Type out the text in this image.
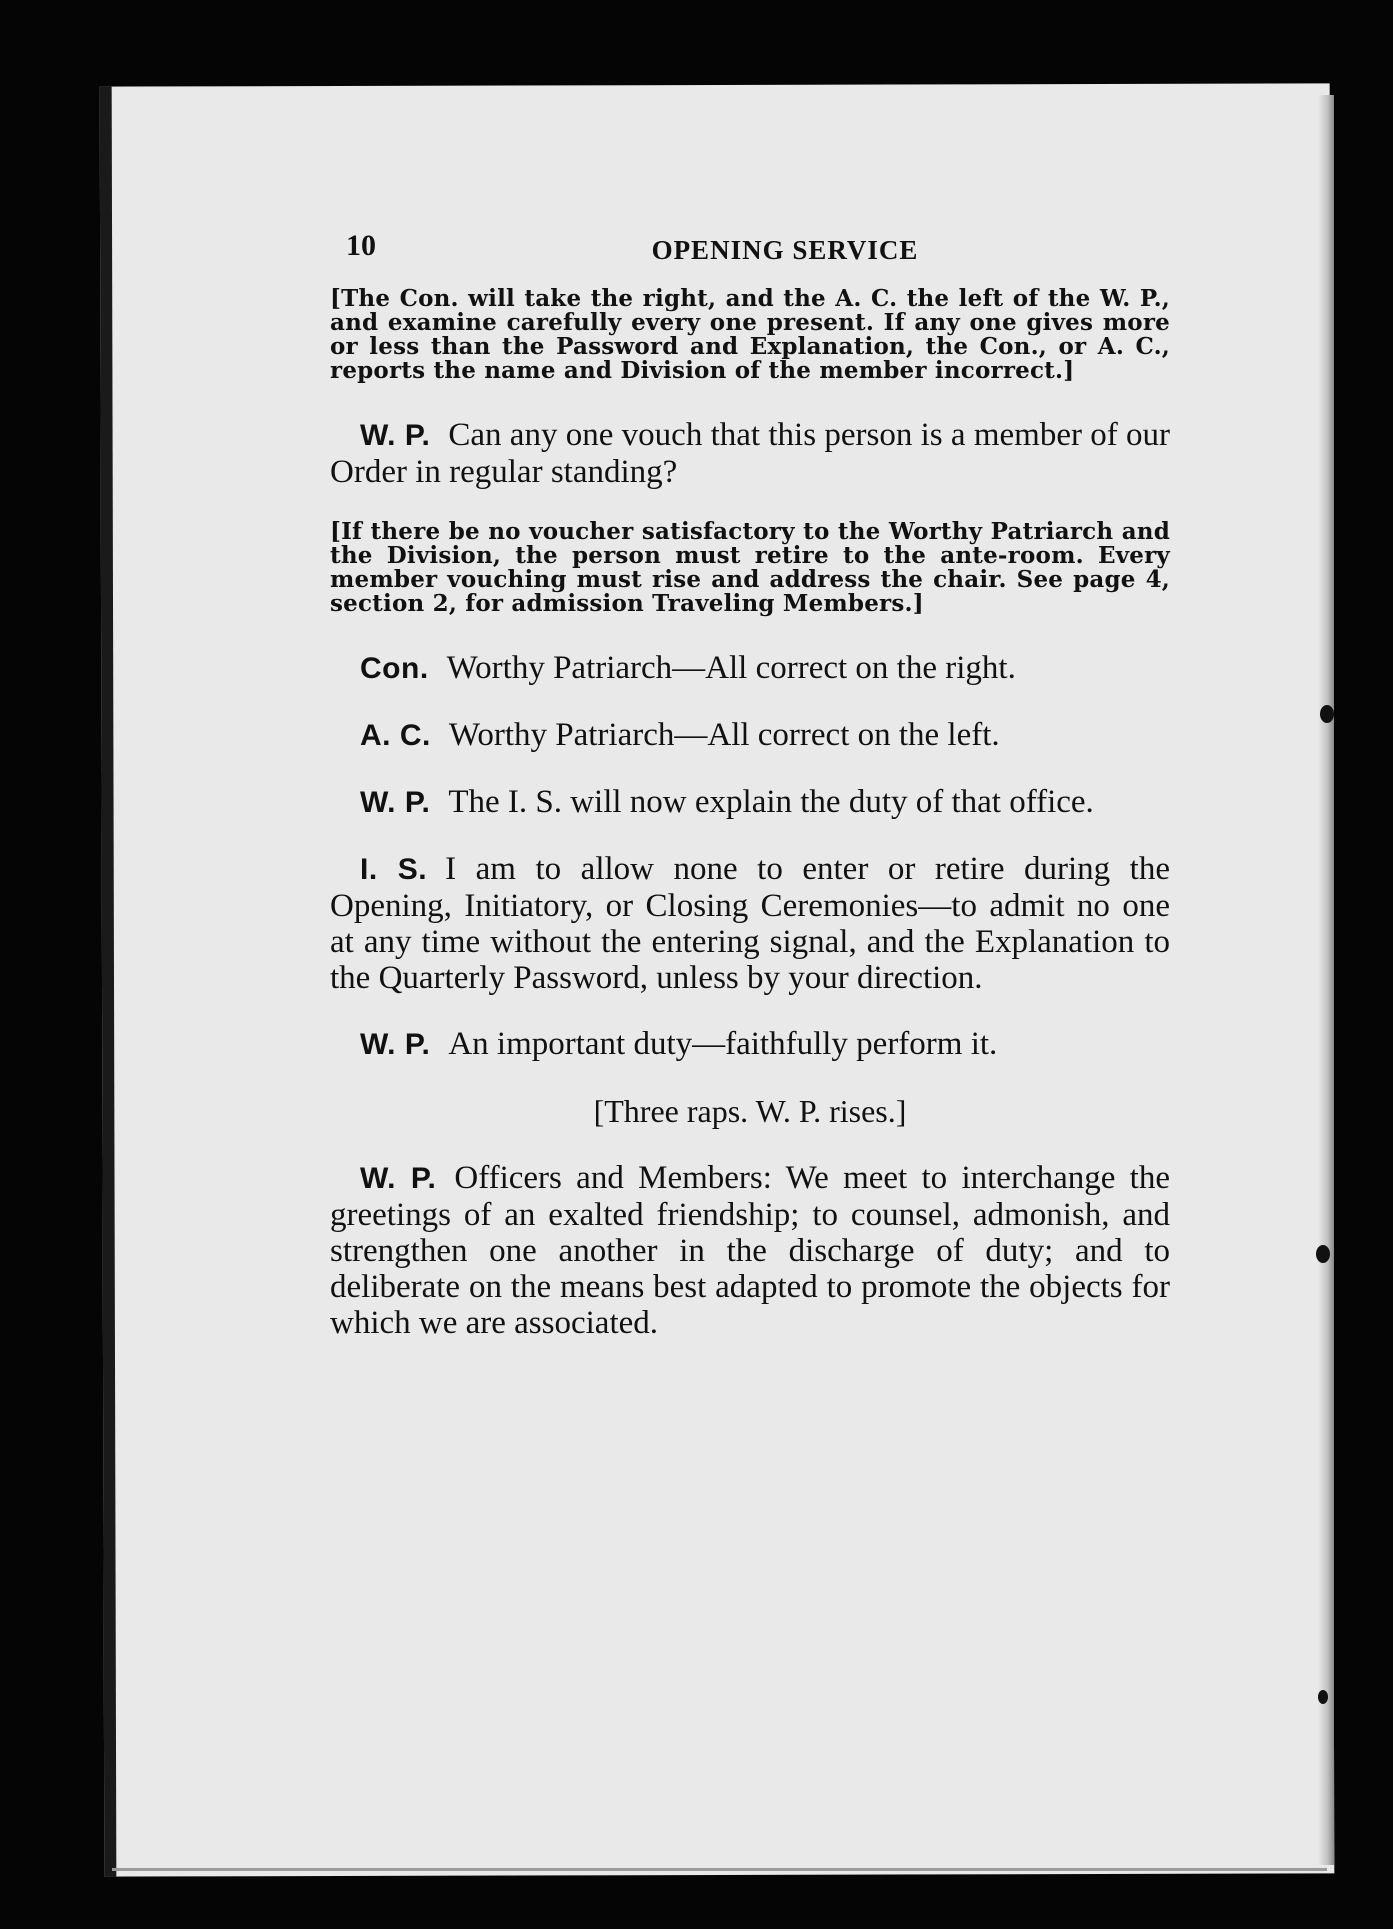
10	OPENING SERVICE

[The Con. will take the right, and the A. C. the left of the W. P., and examine carefully every one present. If any one gives more or less than the Password and Explanation, the Con., or A. C., reports the name and Division of the member incorrect.]

W. P. Can any one vouch that this person is a member of our Order in regular standing?

[If there be no voucher satisfactory to the Worthy Patriarch and the Division, the person must retire to the ante-room. Every member vouching must rise and address the chair. See page 4, section 2, for admission Traveling Members.]

Con. Worthy Patriarch—All correct on the right.

A. C. Worthy Patriarch—All correct on the left.

W. P. The I. S. will now explain the duty of that office.

I. S. I am to allow none to enter or retire during the Opening, Initiatory, or Closing Ceremonies—to admit no one at any time without the entering signal, and the Explanation to the Quarterly Password, unless by your direction.

W. P. An important duty—faithfully perform it.

[Three raps. W. P. rises.]

W. P. Officers and Members: We meet to interchange the greetings of an exalted friendship; to counsel, admonish, and strengthen one another in the discharge of duty; and to deliberate on the means best adapted to promote the objects for which we are associated.
